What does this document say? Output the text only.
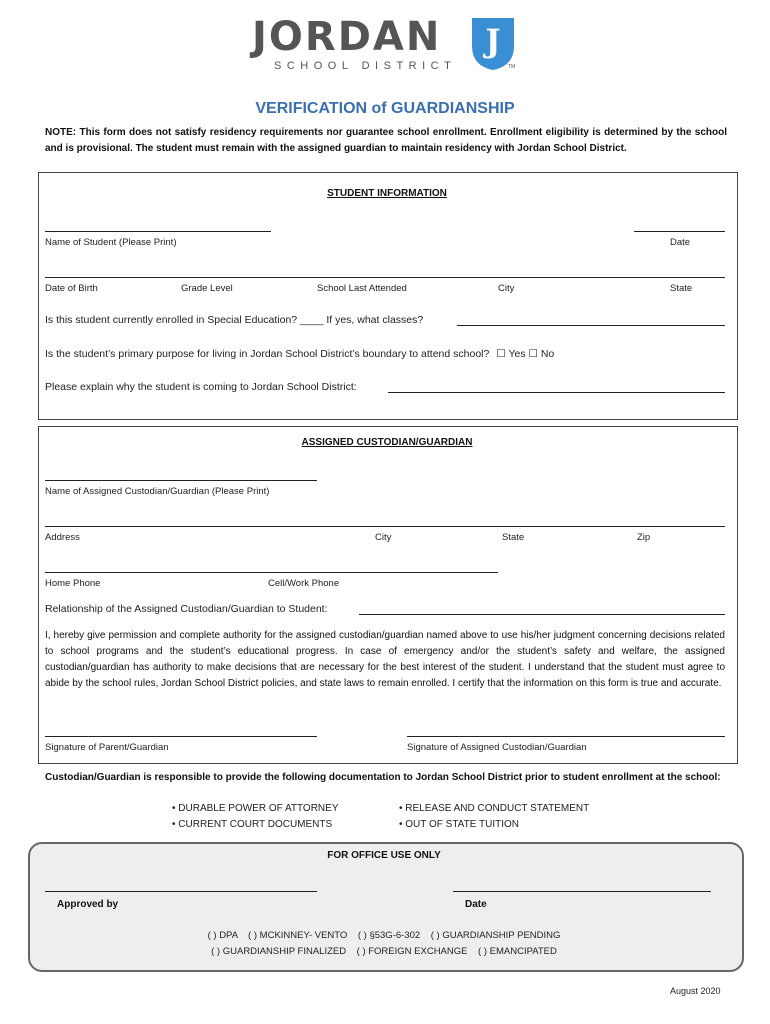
JORDAN
SCHOOL DISTRICT
J
TM
VERIFICATION of GUARDIANSHIP
NOTE: This form does not satisfy residency requirements nor guarantee school enrollment. Enrollment eligibility is determined by the school and is provisional. The student must remain with the assigned guardian to maintain residency with Jordan School District.
STUDENT INFORMATION
Name of Student (Please Print)	Date
Date of Birth	Grade Level	School Last Attended	City	State
Is this student currently enrolled in Special Education? ____ If yes, what classes?
Is the student’s primary purpose for living in Jordan School District’s boundary to attend school? ☐ Yes ☐ No
Please explain why the student is coming to Jordan School District:
ASSIGNED CUSTODIAN/GUARDIAN
Name of Assigned Custodian/Guardian (Please Print)
Address	City	State	Zip
Home Phone	Cell/Work Phone
Relationship of the Assigned Custodian/Guardian to Student:
I, hereby give permission and complete authority for the assigned custodian/guardian named above to use his/her judgment concerning decisions related to school programs and the student’s educational progress. In case of emergency and/or the student’s safety and welfare, the assigned custodian/guardian has authority to make decisions that are necessary for the best interest of the student. I understand that the student must agree to abide by the school rules, Jordan School District policies, and state laws to remain enrolled. I certify that the information on this form is true and accurate.
Signature of Parent/Guardian	Signature of Assigned Custodian/Guardian
Custodian/Guardian is responsible to provide the following documentation to Jordan School District prior to student enrollment at the school:
• DURABLE POWER OF ATTORNEY
• CURRENT COURT DOCUMENTS
• RELEASE AND CONDUCT STATEMENT
• OUT OF STATE TUITION
FOR OFFICE USE ONLY
Approved by	Date
( ) DPA    ( ) MCKINNEY- VENTO    ( ) §53G-6-302    ( ) GUARDIANSHIP PENDING
( ) GUARDIANSHIP FINALIZED    ( ) FOREIGN EXCHANGE    ( ) EMANCIPATED
August 2020
